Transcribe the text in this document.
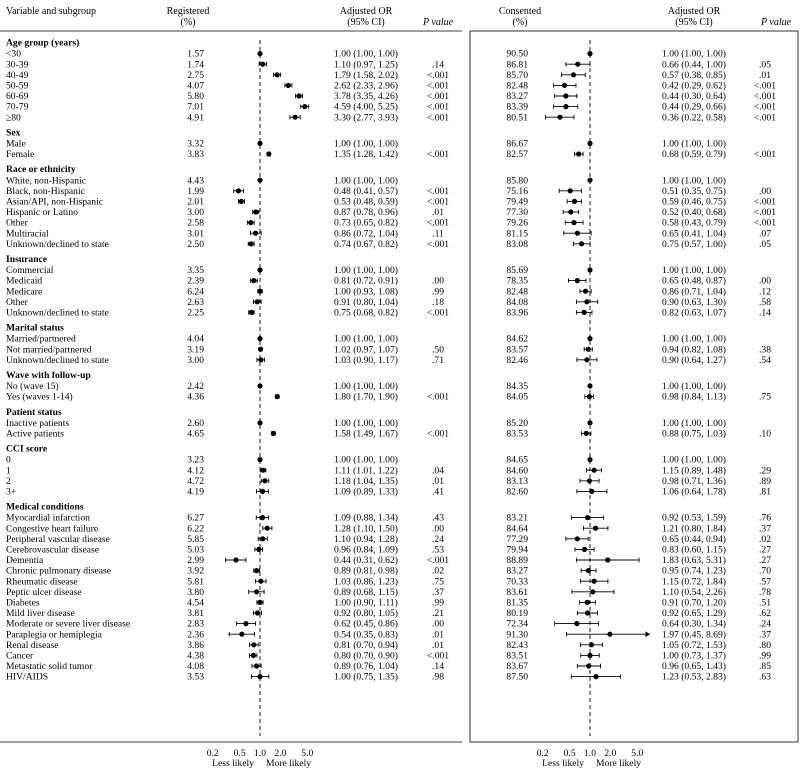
Variable and subgroup	Registered
(%)
Adjusted OR
(95% CI)	P value
Consented
(%)
Adjusted OR
(95% CI)	P value
Age group (years)
<30	1.57	1.00 (1.00, 1.00)	90.50	1.00 (1.00, 1.00)
30-39	1.74	1.10 (0.97, 1.25)	.14	86.81	0.66 (0.44, 1.00)	.05
40-49	2.75	1.79 (1.58, 2.02)	<.001	85.70	0.57 (0.38, 0.85)	.01
50-59	4.07	2.62 (2.33, 2.96)	<.001	82.48	0.42 (0.29, 0.62)	<.001
60-69	5.80	3.78 (3.35, 4.26)	<.001	83.27	0.44 (0.30, 0.64)	<.001
70-79	7.01	4.59 (4.00, 5.25)	<.001	83.39	0.44 (0.29, 0.66)	<.001
≥80	4.91	3.30 (2.77, 3.93)	<.001	80.51	0.36 (0.22, 0.58)	<.001
Sex
Male	3.32	1.00 (1.00, 1.00)	86.67	1.00 (1.00, 1.00)
Female	3.83	1.35 (1.28, 1.42)	<.001	82.57	0.68 (0.59, 0.79)	<.001
Race or ethnicity
White, non-Hispanic	4.43	1.00 (1.00, 1.00)	85.80	1.00 (1.00, 1.00)
Black, non-Hispanic	1.99	0.48 (0.41, 0.57)	<.001	75.16	0.51 (0.35, 0.75)	.00
Asian/API, non-Hispanic	2.01	0.53 (0.48, 0.59)	<.001	79.49	0.59 (0.46, 0.75)	<.001
Hispanic or Latino	3.00	0.87 (0.78, 0.96)	.01	77.30	0.52 (0.40, 0.68)	<.001
Other	2.58	0.73 (0.65, 0.82)	<.001	79.26	0.58 (0.43, 0.79)	<.001
Multiracial	3.01	0.86 (0.72, 1.04)	.11	81.15	0.65 (0.41, 1.04)	.07
Unknown/declined to state	2.50	0.74 (0.67, 0.82)	<.001	83.08	0.75 (0.57, 1.00)	.05
Insurance
Commercial	3.35	1.00 (1.00, 1.00)	85.69	1.00 (1.00, 1.00)
Medicaid	2.39	0.81 (0.72, 0.91)	.00	78.35	0.65 (0.48, 0.87)	.00
Medicare	6.24	1.00 (0.93, 1.08)	.99	82.48	0.86 (0.71, 1.04)	.12
Other	2.63	0.91 (0.80, 1.04)	.18	84.08	0.90 (0.63, 1.30)	.58
Unknown/declined to state	2.25	0.75 (0.68, 0.82)	<.001	83.96	0.82 (0.63, 1.07)	.14
Marital status
Married/partnered	4.04	1.00 (1.00, 1.00)	84.62	1.00 (1.00, 1.00)
Not married/partnered	3.19	1.02 (0.97, 1.07)	.50	83.57	0.94 (0.82, 1.08)	.38
Unknown/declined to state	3.00	1.03 (0.90, 1.17)	.71	82.46	0.90 (0.64, 1.27)	.54
Wave with follow-up
No (wave 15)	2.42	1.00 (1.00, 1.00)	84.35	1.00 (1.00, 1.00)
Yes (waves 1-14)	4.36	1.80 (1.70, 1.90)	<.001	84.05	0.98 (0.84, 1.13)	.75
Patient status
Inactive patients	2.60	1.00 (1.00, 1.00)	85.20	1.00 (1.00, 1.00)
Active patients	4.65	1.58 (1.49, 1.67)	<.001	83.53	0.88 (0.75, 1.03)	.10
CCI score
0	3.23	1.00 (1.00, 1.00)	84.65	1.00 (1.00, 1.00)
1	4.12	1.11 (1.01, 1.22)	.04	84.60	1.15 (0.89, 1.48)	.29
2	4.72	1.18 (1.04, 1.35)	.01	83.13	0.98 (0.71, 1.36)	.89
3+	4.19	1.09 (0.89, 1.33)	.41	82.60	1.06 (0.64, 1.78)	.81
Medical conditions
Myocardial infarction	6.27	1.09 (0.88, 1.34)	.43	83.21	0.92 (0.53, 1.59)	.76
Congestive heart failure	6.22	1.28 (1.10, 1.50)	.00	84.64	1.21 (0.80, 1.84)	.37
Peripheral vascular disease	5.85	1.10 (0.94, 1.28)	.24	77.29	0.65 (0.44, 0.94)	.02
Cerebrovascular disease	5.03	0.96 (0.84, 1.09)	.53	79.94	0.83 (0.60, 1.15)	.27
Dementia	2.99	0.44 (0.31, 0.62)	<.001	88.89	1.83 (0.63, 5.31)	.27
Chronic pulmonary disease	3.92	0.89 (0.81, 0.98)	.02	83.27	0.95 (0.74, 1.23)	.70
Rheumatic disease	5.81	1.03 (0.86, 1.23)	.75	70.33	1.15 (0.72, 1.84)	.57
Peptic ulcer disease	3.80	0.89 (0.68, 1.15)	.37	83.61	1.10 (0.54, 2.26)	.78
Diabetes	4.54	1.00 (0.90, 1.11)	.99	81.35	0.91 (0.70, 1.20)	.51
Mild liver disease	3.81	0.92 (0.80, 1.05)	.21	80.19	0.92 (0.65, 1.29)	.62
Moderate or severe liver disease	2.83	0.62 (0.45, 0.86)	.00	72.34	0.64 (0.30, 1.34)	.24
Paraplegia or hemiplegia	2.36	0.54 (0.35, 0.83)	.01	91.30	1.97 (0.45, 8.69)	.37
Renal disease	3.86	0.81 (0.70, 0.94)	.01	82.43	1.05 (0.72, 1.53)	.80
Cancer	4.38	0.80 (0.70, 0.90)	<.001	83.51	1.00 (0.73, 1.37)	.99
Metastatic solid tumor	4.08	0.89 (0.76, 1.04)	.14	83.67	0.96 (0.65, 1.43)	.85
HIV/AIDS	3.53	1.00 (0.75, 1.35)	.98	87.50	1.23 (0.53, 2.83)	.63
0.2 0.5 1.0 2.0 5.0
Less likely More likely
0.2 0.5 1.0 2.0 5.0
Less likely More likely
